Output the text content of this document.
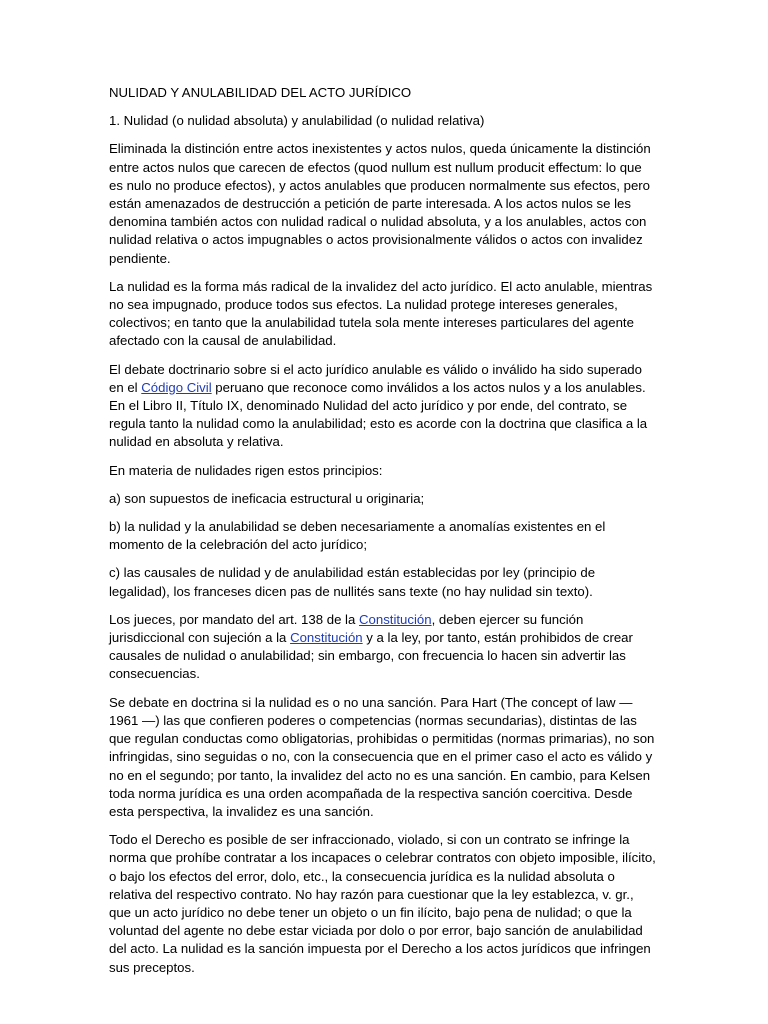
NULIDAD Y ANULABILIDAD DEL ACTO JURÍDICO

1. Nulidad (o nulidad absoluta) y anulabilidad (o nulidad relativa)

Eliminada la distinción entre actos inexistentes y actos nulos, queda únicamente la distinción entre actos nulos que carecen de efectos (quod nullum est nullum producit effectum: lo que es nulo no produce efectos), y actos anulables que producen normalmente sus efectos, pero están amenazados de destrucción a petición de parte interesada. A los actos nulos se les denomina también actos con nulidad radical o nulidad absoluta, y a los anulables, actos con nulidad relativa o actos impugnables o actos provisionalmente válidos o actos con invalidez pendiente.

La nulidad es la forma más radical de la invalidez del acto jurídico. El acto anulable, mientras no sea impugnado, produce todos sus efectos. La nulidad protege intereses generales, colectivos; en tanto que la anulabilidad tutela sola mente intereses particulares del agente afectado con la causal de anulabilidad.

El debate doctrinario sobre si el acto jurídico anulable es válido o inválido ha sido superado en el Código Civil peruano que reconoce como inválidos a los actos nulos y a los anulables. En el Libro II, Título IX, denominado Nulidad del acto jurídico y por ende, del contrato, se regula tanto la nulidad como la anulabilidad; esto es acorde con la doctrina que clasifica a la nulidad en absoluta y relativa.

En materia de nulidades rigen estos principios:

a) son supuestos de ineficacia estructural u originaria;

b) la nulidad y la anulabilidad se deben necesariamente a anomalías existentes en el momento de la celebración del acto jurídico;

c) las causales de nulidad y de anulabilidad están establecidas por ley (principio de legalidad), los franceses dicen pas de nullités sans texte (no hay nulidad sin texto).

Los jueces, por mandato del art. 138 de la Constitución, deben ejercer su función jurisdiccional con sujeción a la Constitución y a la ley, por tanto, están prohibidos de crear causales de nulidad o anulabilidad; sin embargo, con frecuencia lo hacen sin advertir las consecuencias.

Se debate en doctrina si la nulidad es o no una sanción. Para Hart (The concept of law —1961 —) las que confieren poderes o competencias (normas secundarias), distintas de las que regulan conductas como obligatorias, prohibidas o permitidas (normas primarias), no son infringidas, sino seguidas o no, con la consecuencia que en el primer caso el acto es válido y no en el segundo; por tanto, la invalidez del acto no es una sanción. En cambio, para Kelsen toda norma jurídica es una orden acompañada de la respectiva sanción coercitiva. Desde esta perspectiva, la invalidez es una sanción.

Todo el Derecho es posible de ser infraccionado, violado, si con un contrato se infringe la norma que prohíbe contratar a los incapaces o celebrar contratos con objeto imposible, ilícito, o bajo los efectos del error, dolo, etc., la consecuencia jurídica es la nulidad absoluta o relativa del respectivo contrato. No hay razón para cuestionar que la ley establezca, v. gr., que un acto jurídico no debe tener un objeto o un fin ilícito, bajo pena de nulidad; o que la voluntad del agente no debe estar viciada por dolo o por error, bajo sanción de anulabilidad del acto. La nulidad es la sanción impuesta por el Derecho a los actos jurídicos que infringen sus preceptos.
